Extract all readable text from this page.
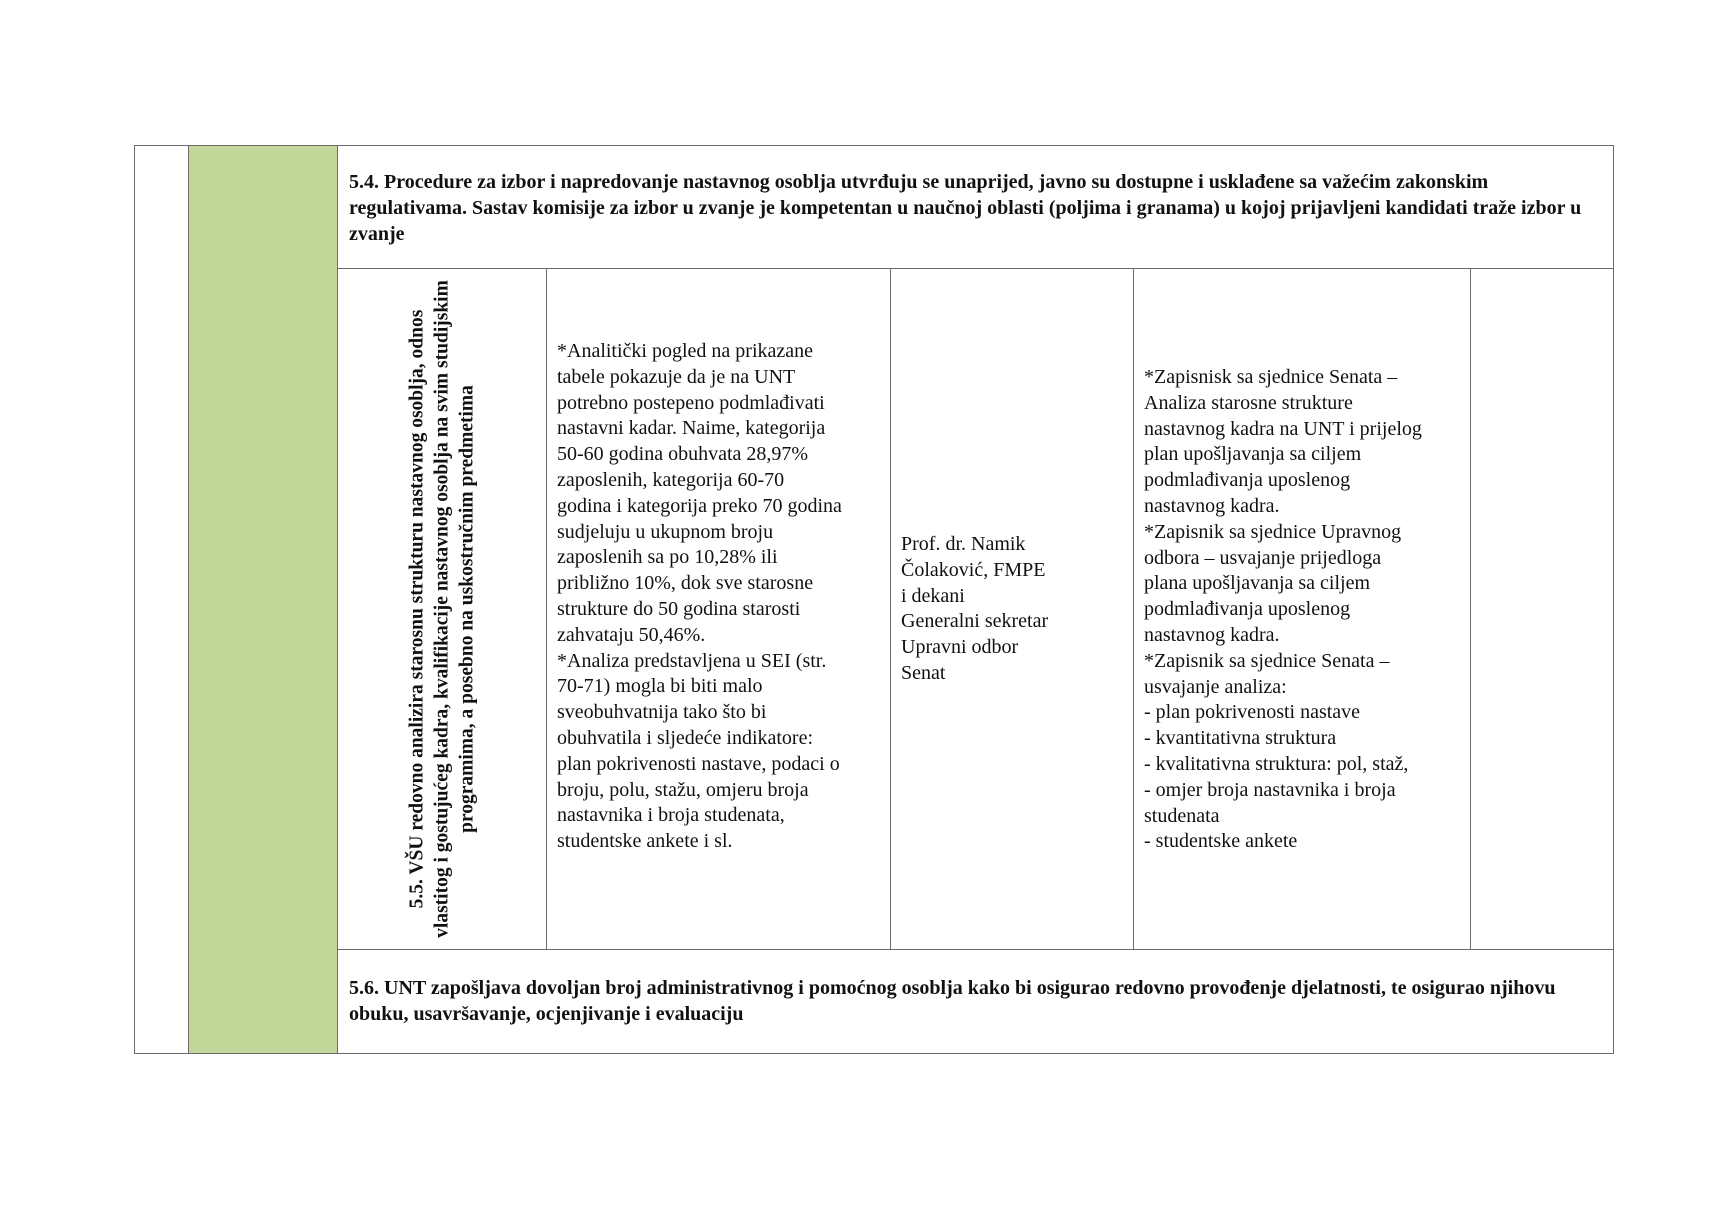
5.4. Procedure za izbor i napredovanje nastavnog osoblja utvrđuju se unaprijed, javno su dostupne i usklađene sa važećim zakonskim regulativama. Sastav komisije za izbor u zvanje je kompetentan u naučnoj oblasti (poljima i granama) u kojoj prijavljeni kandidati traže izbor u zvanje
5.5. VŠU redovno analizira starosnu strukturu nastavnog osoblja, odnos vlastitog i gostujućeg kadra, kvalifikacije nastavnog osoblja na svim studijskim programima, a posebno na uskostručnim predmetima
*Analitički pogled na prikazane
tabele pokazuje da je na UNT
potrebno postepeno podmlađivati
nastavni kadar. Naime, kategorija
50-60 godina obuhvata 28,97%
zaposlenih, kategorija 60-70
godina i kategorija preko 70 godina
sudjeluju u ukupnom broju
zaposlenih sa po 10,28% ili
približno 10%, dok sve starosne
strukture do 50 godina starosti
zahvataju 50,46%.
*Analiza predstavljena u SEI (str.
70-71) mogla bi biti malo
sveobuhvatnija tako što bi
obuhvatila i sljedeće indikatore:
plan pokrivenosti nastave, podaci o
broju, polu, stažu, omjeru broja
nastavnika i broja studenata,
studentske ankete i sl.
Prof. dr. Namik
Čolaković, FMPE
i dekani
Generalni sekretar
Upravni odbor
Senat
*Zapisnisk sa sjednice Senata –
Analiza starosne strukture
nastavnog kadra na UNT i prijelog
plan upošljavanja sa ciljem
podmlađivanja uposlenog
nastavnog kadra.
*Zapisnik sa sjednice Upravnog
odbora – usvajanje prijedloga
plana upošljavanja sa ciljem
podmlađivanja uposlenog
nastavnog kadra.
*Zapisnik sa sjednice Senata –
usvajanje analiza:
- plan pokrivenosti nastave
- kvantitativna struktura
- kvalitativna struktura: pol, staž,
- omjer broja nastavnika i broja
studenata
- studentske ankete
5.6. UNT zapošljava dovoljan broj administrativnog i pomoćnog osoblja kako bi osigurao redovno provođenje djelatnosti, te osigurao njihovu obuku, usavršavanje, ocjenjivanje i evaluaciju
